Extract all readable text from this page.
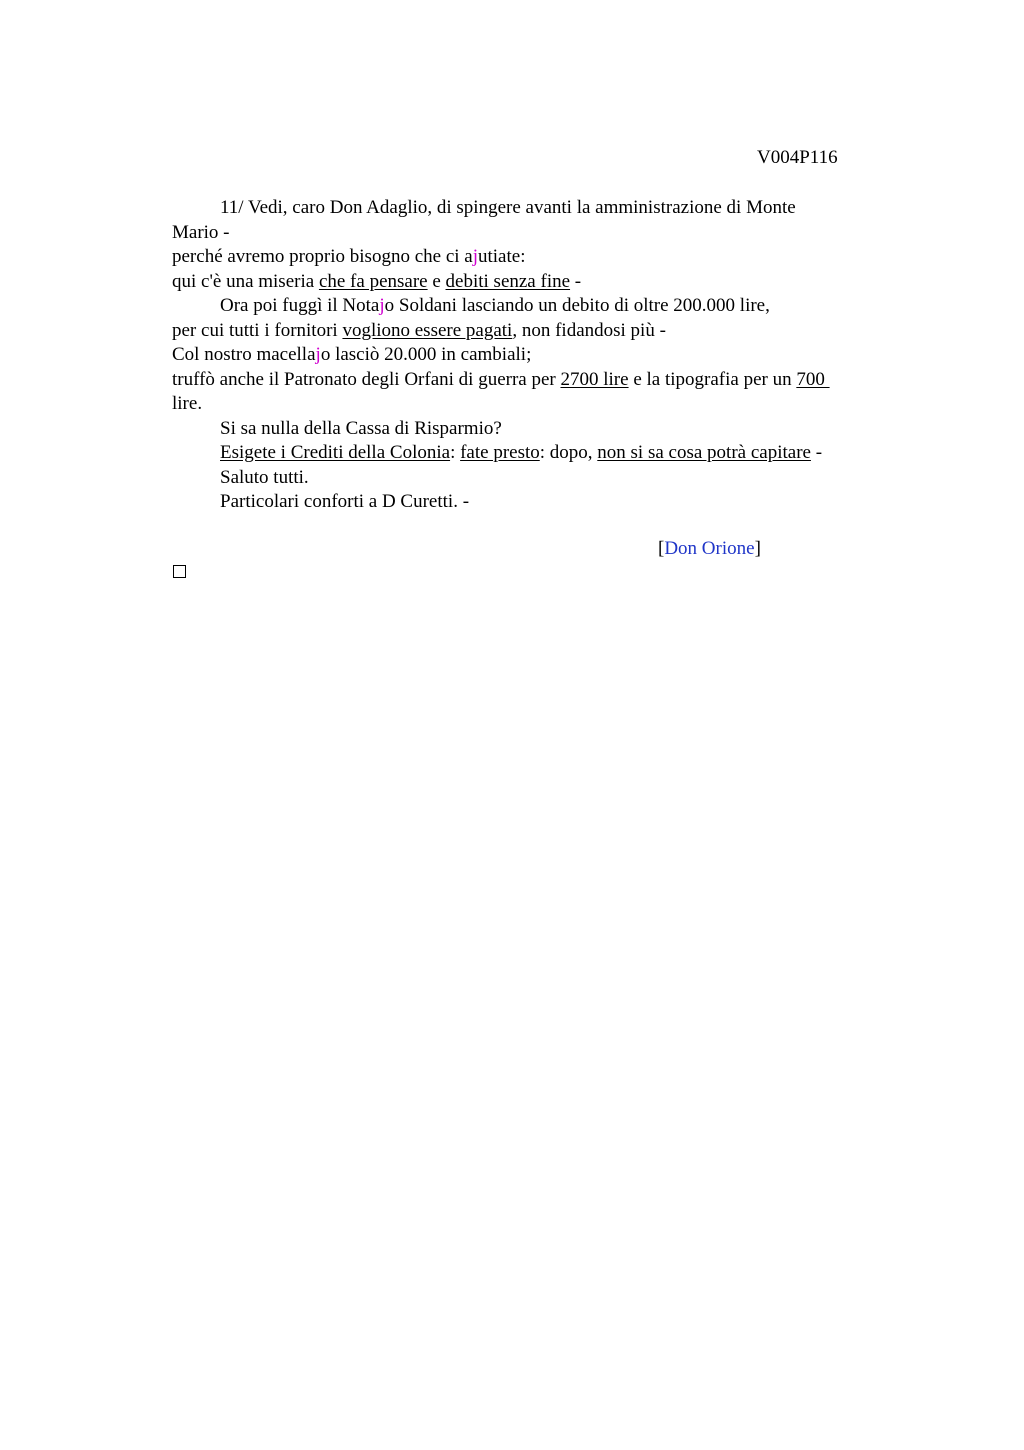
V004P116
11/ Vedi, caro Don Adaglio, di spingere avanti la amministrazione di Monte
Mario -
perché avremo proprio bisogno che ci ajutiate:
qui c'è una miseria che fa pensare e debiti senza fine -
Ora poi fuggì il Notajo Soldani lasciando un debito di oltre 200.000 lire,
per cui tutti i fornitori vogliono essere pagati, non fidandosi più -
Col nostro macellajo lasciò 20.000 in cambiali;
truffò anche il Patronato degli Orfani di guerra per 2700 lire e la tipografia per un 700
lire.
Si sa nulla della Cassa di Risparmio?
Esigete i Crediti della Colonia: fate presto: dopo, non si sa cosa potrà capitare -
Saluto tutti.
Particolari conforti a D Curetti. -
[Don Orione]
